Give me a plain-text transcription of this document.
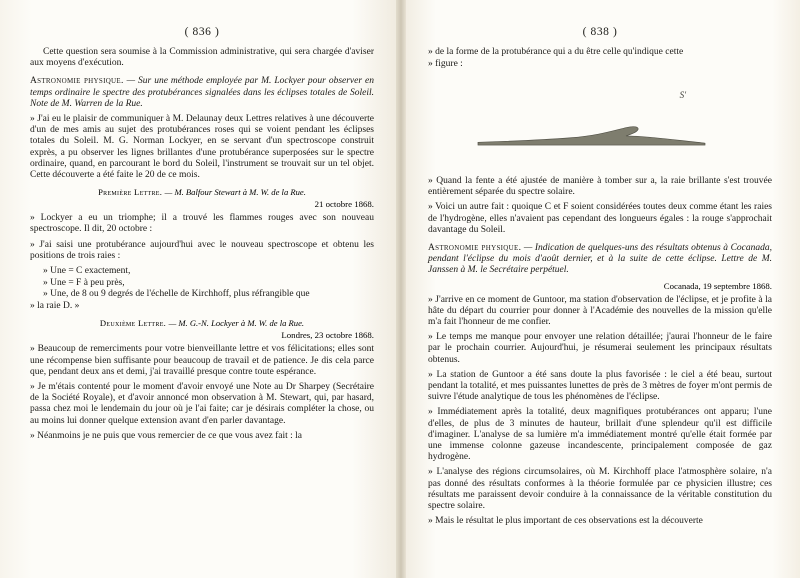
( 836 )

Cette question sera soumise à la Commission administrative, qui sera chargée d'aviser aux moyens d'exécution.

Astronomie physique. — Sur une méthode employée par M. Lockyer pour observer en temps ordinaire le spectre des protubérances signalées dans les éclipses totales de Soleil. Note de M. Warren de la Rue.

» J'ai eu le plaisir de communiquer à M. Delaunay deux Lettres relatives à une découverte d'un de mes amis au sujet des protubérances roses qui se voient pendant les éclipses totales du Soleil. M. G. Norman Lockyer, en se servant d'un spectroscope construit exprès, a pu observer les lignes brillantes d'une protubérance superposées sur le spectre ordinaire, quand, en parcourant le bord du Soleil, l'instrument se trouvait sur un tel objet. Cette découverte a été faite le 20 de ce mois.

Première Lettre. — M. Balfour Stewart à M. W. de la Rue.
21 octobre 1868.

» Lockyer a eu un triomphe; il a trouvé les flammes rouges avec son nouveau spectroscope. Il dit, 20 octobre :

» J'ai saisi une protubérance aujourd'hui avec le nouveau spectroscope et obtenu les positions de trois raies :

» Une = C exactement,

» Une = F à peu près,

» Une, de 8 ou 9 degrés de l'échelle de Kirchhoff, plus réfrangible que

» la raie D. »

Deuxième Lettre. — M. G.-N. Lockyer à M. W. de la Rue.
Londres, 23 octobre 1868.

» Beaucoup de remerciments pour votre bienveillante lettre et vos félicitations; elles sont une récompense bien suffisante pour beaucoup de travail et de patience. Je dis cela parce que, pendant deux ans et demi, j'ai travaillé presque contre toute espérance.

» Je m'étais contenté pour le moment d'avoir envoyé une Note au Dr Sharpey (Secrétaire de la Société Royale), et d'avoir annoncé mon observation à M. Stewart, qui, par hasard, passa chez moi le lendemain du jour où je l'ai faite; car je désirais compléter la chose, ou au moins lui donner quelque extension avant d'en parler davantage.

» Néanmoins je ne puis que vous remercier de ce que vous avez fait : la

( 838 )

» de la forme de la protubérance qui a du être celle qu'indique cette

» figure :

S'

» Quand la fente a été ajustée de manière à tomber sur a, la raie brillante s'est trouvée entièrement séparée du spectre solaire.

» Voici un autre fait : quoique C et F soient considérées toutes deux comme étant les raies de l'hydrogène, elles n'avaient pas cependant des longueurs égales : la rouge s'approchait davantage du Soleil.

Astronomie physique. — Indication de quelques-uns des résultats obtenus à Cocanada, pendant l'éclipse du mois d'août dernier, et à la suite de cette éclipse. Lettre de M. Janssen à M. le Secrétaire perpétuel.

Cocanada, 19 septembre 1868.

» J'arrive en ce moment de Guntoor, ma station d'observation de l'éclipse, et je profite à la hâte du départ du courrier pour donner à l'Académie des nouvelles de la mission qu'elle m'a fait l'honneur de me confier.

» Le temps me manque pour envoyer une relation détaillée; j'aurai l'honneur de le faire par le prochain courrier. Aujourd'hui, je résumerai seulement les principaux résultats obtenus.

» La station de Guntoor a été sans doute la plus favorisée : le ciel a été beau, surtout pendant la totalité, et mes puissantes lunettes de près de 3 mètres de foyer m'ont permis de suivre l'étude analytique de tous les phénomènes de l'éclipse.

» Immédiatement après la totalité, deux magnifiques protubérances ont apparu; l'une d'elles, de plus de 3 minutes de hauteur, brillait d'une splendeur qu'il est difficile d'imaginer. L'analyse de sa lumière m'a immédiatement montré qu'elle était formée par une immense colonne gazeuse incandescente, principalement composée de gaz hydrogène.

» L'analyse des régions circumsolaires, où M. Kirchhoff place l'atmosphère solaire, n'a pas donné des résultats conformes à la théorie formulée par ce physicien illustre; ces résultats me paraissent devoir conduire à la connaissance de la véritable constitution du spectre solaire.

» Mais le résultat le plus important de ces observations est la découverte
